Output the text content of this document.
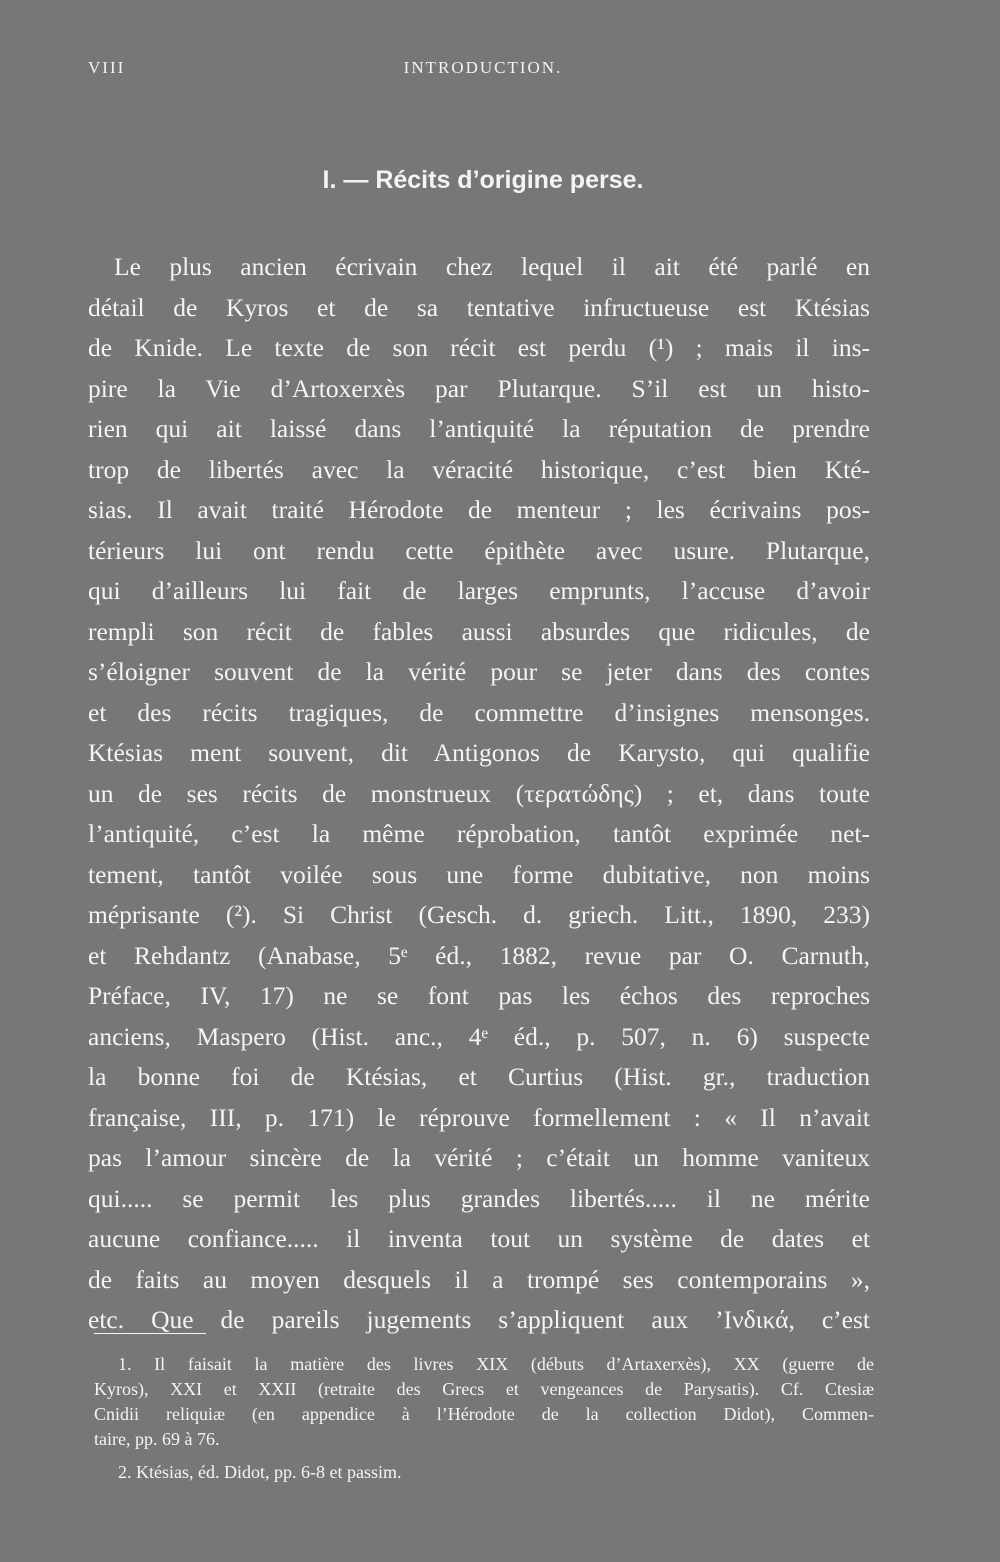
VIII	INTRODUCTION.
I. — Récits d’origine perse.
Le plus ancien écrivain chez lequel il ait été parlé en
détail de Kyros et de sa tentative infructueuse est Ktésias
de Knide. Le texte de son récit est perdu (¹) ; mais il ins-
pire la Vie d’Artoxerxès par Plutarque. S’il est un histo-
rien qui ait laissé dans l’antiquité la réputation de prendre
trop de libertés avec la véracité historique, c’est bien Kté-
sias. Il avait traité Hérodote de menteur ; les écrivains pos-
térieurs lui ont rendu cette épithète avec usure. Plutarque,
qui d’ailleurs lui fait de larges emprunts, l’accuse d’avoir
rempli son récit de fables aussi absurdes que ridicules, de
s’éloigner souvent de la vérité pour se jeter dans des contes
et des récits tragiques, de commettre d’insignes mensonges.
Ktésias ment souvent, dit Antigonos de Karysto, qui qualifie
un de ses récits de monstrueux (τερατώδης) ; et, dans toute
l’antiquité, c’est la même réprobation, tantôt exprimée net-
tement, tantôt voilée sous une forme dubitative, non moins
méprisante (²). Si Christ (Gesch. d. griech. Litt., 1890, 233)
et Rehdantz (Anabase, 5ᵉ éd., 1882, revue par O. Carnuth,
Préface, IV, 17) ne se font pas les échos des reproches
anciens, Maspero (Hist. anc., 4ᵉ éd., p. 507, n. 6) suspecte
la bonne foi de Ktésias, et Curtius (Hist. gr., traduction
française, III, p. 171) le réprouve formellement : « Il n’avait
pas l’amour sincère de la vérité ; c’était un homme vaniteux
qui..... se permit les plus grandes libertés..... il ne mérite
aucune confiance..... il inventa tout un système de dates et
de faits au moyen desquels il a trompé ses contemporains »,
etc. Que de pareils jugements s’appliquent aux ’Ινδικά, c’est
1. Il faisait la matière des livres XIX (débuts d’Artaxerxès), XX (guerre de
Kyros), XXI et XXII (retraite des Grecs et vengeances de Parysatis). Cf. Ctesiæ
Cnidii reliquiæ (en appendice à l’Hérodote de la collection Didot), Commen-
taire, pp. 69 à 76.
2. Ktésias, éd. Didot, pp. 6-8 et passim.
